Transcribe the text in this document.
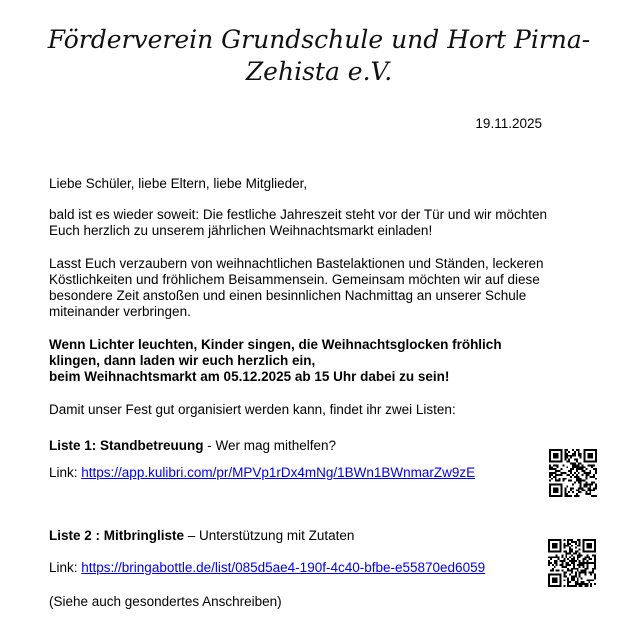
Förderverein Grundschule und Hort Pirna-
Zehista e.V.
19.11.2025

Liebe Schüler, liebe Eltern, liebe Mitglieder,

bald ist es wieder soweit: Die festliche Jahreszeit steht vor der Tür und wir möchten
Euch herzlich zu unserem jährlichen Weihnachtsmarkt einladen!

Lasst Euch verzaubern von weihnachtlichen Bastelaktionen und Ständen, leckeren
Köstlichkeiten und fröhlichem Beisammensein. Gemeinsam möchten wir auf diese
besondere Zeit anstoßen und einen besinnlichen Nachmittag an unserer Schule
miteinander verbringen.

Wenn Lichter leuchten, Kinder singen, die Weihnachtsglocken fröhlich
klingen, dann laden wir euch herzlich ein,
beim Weihnachtsmarkt am 05.12.2025 ab 15 Uhr dabei zu sein!

Damit unser Fest gut organisiert werden kann, findet ihr zwei Listen:

Liste 1: Standbetreuung - Wer mag mithelfen?
Link: https://app.kulibri.com/pr/MPVp1rDx4mNg/1BWn1BWnmarZw9zE
Liste 2 : Mitbringliste – Unterstützung mit Zutaten
Link: https://bringabottle.de/list/085d5ae4-190f-4c40-bfbe-e55870ed6059
(Siehe auch gesondertes Anschreiben)
